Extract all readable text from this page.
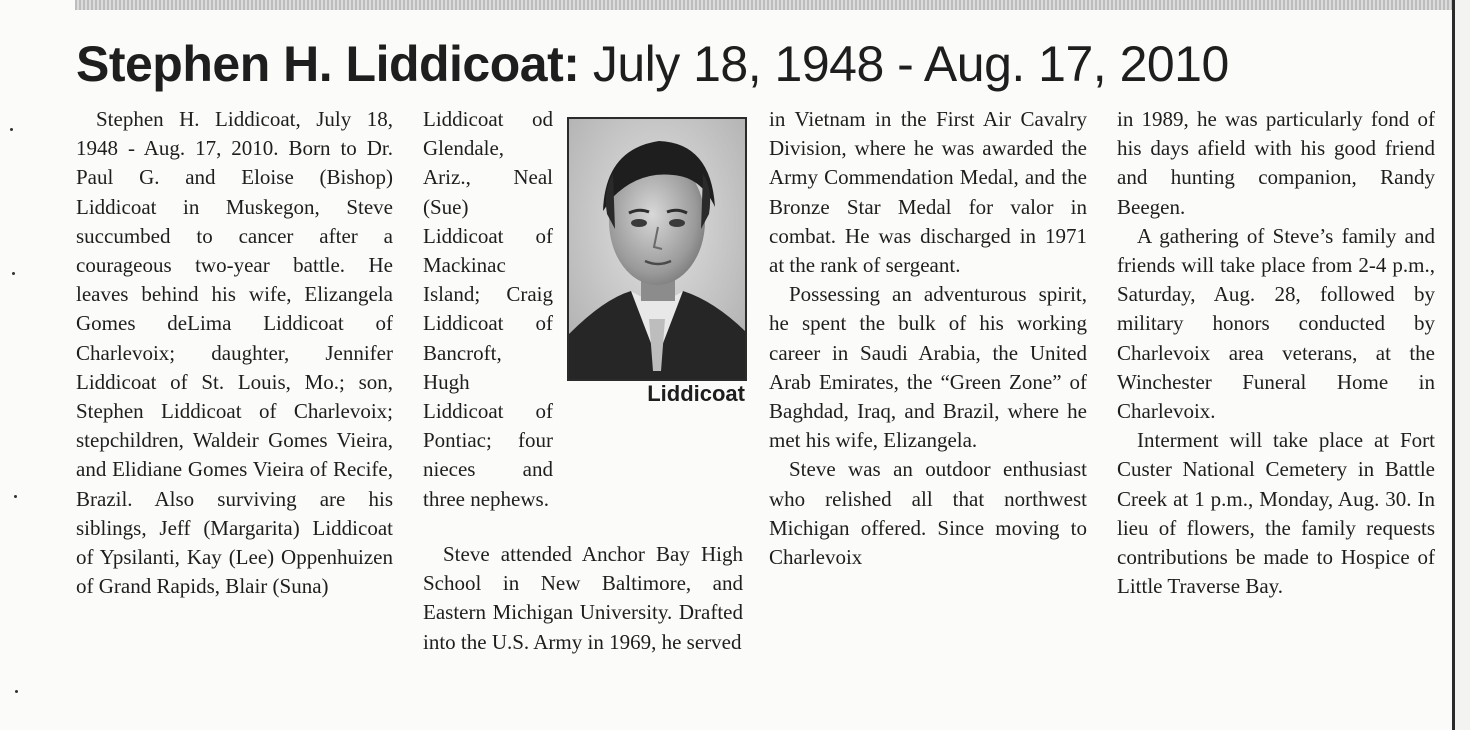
Stephen H. Liddicoat: July 18, 1948 - Aug. 17, 2010

Stephen H. Liddicoat, July 18, 1948 - Aug. 17, 2010. Born to Dr. Paul G. and Eloise (Bishop) Liddicoat in Muskegon, Steve succumbed to cancer after a courageous two-year battle. He leaves behind his wife, Elizangela Gomes deLima Liddicoat of Charlevoix; daughter, Jennifer Liddicoat of St. Louis, Mo.; son, Stephen Liddicoat of Charlevoix; stepchildren, Waldeir Gomes Vieira, and Elidiane Gomes Vieira of Recife, Brazil. Also surviving are his siblings, Jeff (Margarita) Liddicoat of Ypsilanti, Kay (Lee) Oppenhuizen of Grand Rapids, Blair (Suna)

Liddicoat od Glendale, Ariz., Neal (Sue) Liddicoat of Mackinac Island; Craig Liddicoat of Bancroft, Hugh Liddicoat of Pontiac; four nieces and three nephews.

Liddicoat

Steve attended Anchor Bay High School in New Baltimore, and Eastern Michigan University. Drafted into the U.S. Army in 1969, he served

in Vietnam in the First Air Cavalry Division, where he was awarded the Army Commendation Medal, and the Bronze Star Medal for valor in combat. He was discharged in 1971 at the rank of sergeant.

Possessing an adventurous spirit, he spent the bulk of his working career in Saudi Arabia, the United Arab Emirates, the “Green Zone” of Baghdad, Iraq, and Brazil, where he met his wife, Elizangela.

Steve was an outdoor enthusiast who relished all that northwest Michigan offered. Since moving to Charlevoix

in 1989, he was particularly fond of his days afield with his good friend and hunting companion, Randy Beegen.

A gathering of Steve’s family and friends will take place from 2-4 p.m., Saturday, Aug. 28, followed by military honors conducted by Charlevoix area veterans, at the Winchester Funeral Home in Charlevoix.

Interment will take place at Fort Custer National Cemetery in Battle Creek at 1 p.m., Monday, Aug. 30. In lieu of flowers, the family requests contributions be made to Hospice of Little Traverse Bay.
